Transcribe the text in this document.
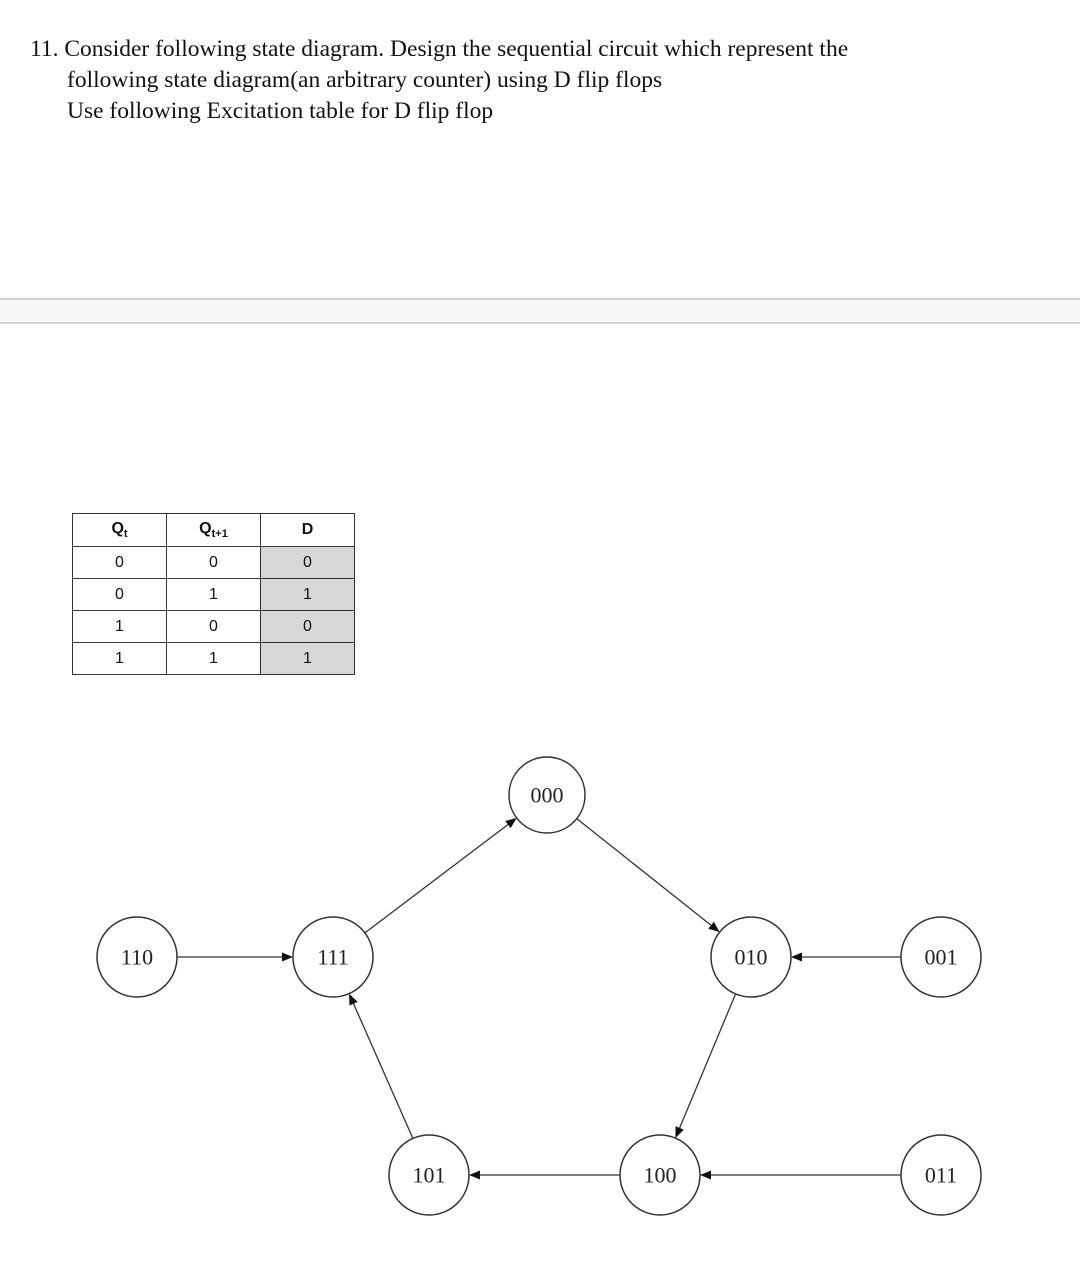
11. Consider following state diagram. Design the sequential circuit which represent the
following state diagram(an arbitrary counter) using D flip flops
Use following Excitation table for D flip flop
$Q_t$	$Q_{t+1}$	D
0	0	0
0	1	1
1	0	0
1	1	1
000
110	111	010	001
101	100	011
